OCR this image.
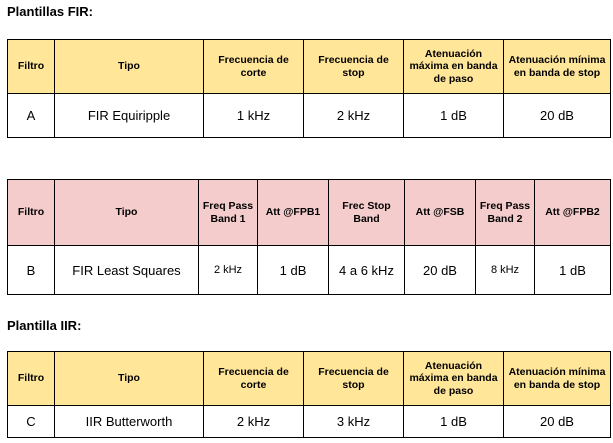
Plantillas FIR:
Filtro	Tipo	Frecuencia de corte	Frecuencia de stop	Atenuación máxima en banda de paso	Atenuación mínima en banda de stop
A	FIR Equiripple	1 kHz	2 kHz	1 dB	20 dB
Filtro	Tipo	Freq Pass Band 1	Att @FPB1	Frec Stop Band	Att @FSB	Freq Pass Band 2	Att @FPB2
B	FIR Least Squares	2 kHz	1 dB	4 a 6 kHz	20 dB	8 kHz	1 dB
Plantilla IIR:
Filtro	Tipo	Frecuencia de corte	Frecuencia de stop	Atenuación máxima en banda de paso	Atenuación mínima en banda de stop
C	IIR Butterworth	2 kHz	3 kHz	1 dB	20 dB
